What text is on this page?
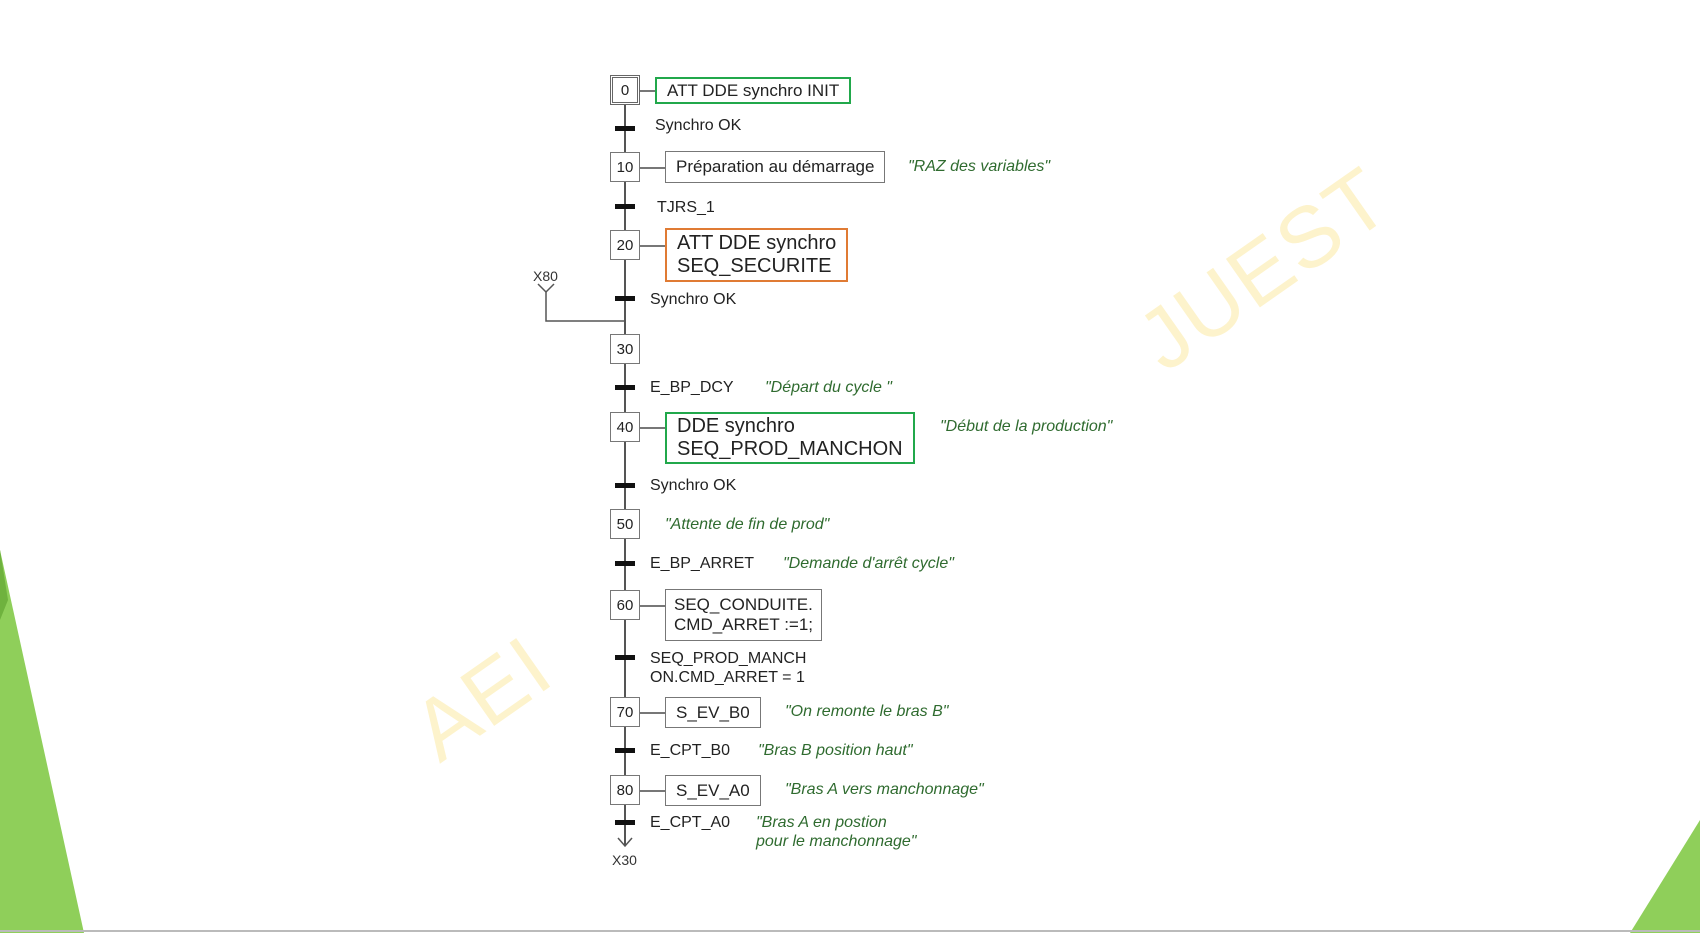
AEI
JUEST
X30
X80
0
10
20
30
40
50
60
70
80
ATT DDE synchro INIT
Préparation au démarrage "RAZ des variables"
ATT DDE synchro
SEQ_SECURITE
DDE synchro
SEQ_PROD_MANCHON
"Début de la production"
"Attente de fin de prod"
SEQ_CONDUITE.
CMD_ARRET :=1;
S_EV_B0 "On remonte le bras B"
S_EV_A0 "Bras A vers manchonnage"
Synchro OK
TJRS_1
Synchro OK
E_BP_DCY "Départ du cycle "
Synchro OK
E_BP_ARRET "Demande d'arrêt cycle"
SEQ_PROD_MANCH
ON.CMD_ARRET = 1
E_CPT_B0 "Bras B position haut"
E_CPT_A0 "Bras A en postion
pour le manchonnage"
